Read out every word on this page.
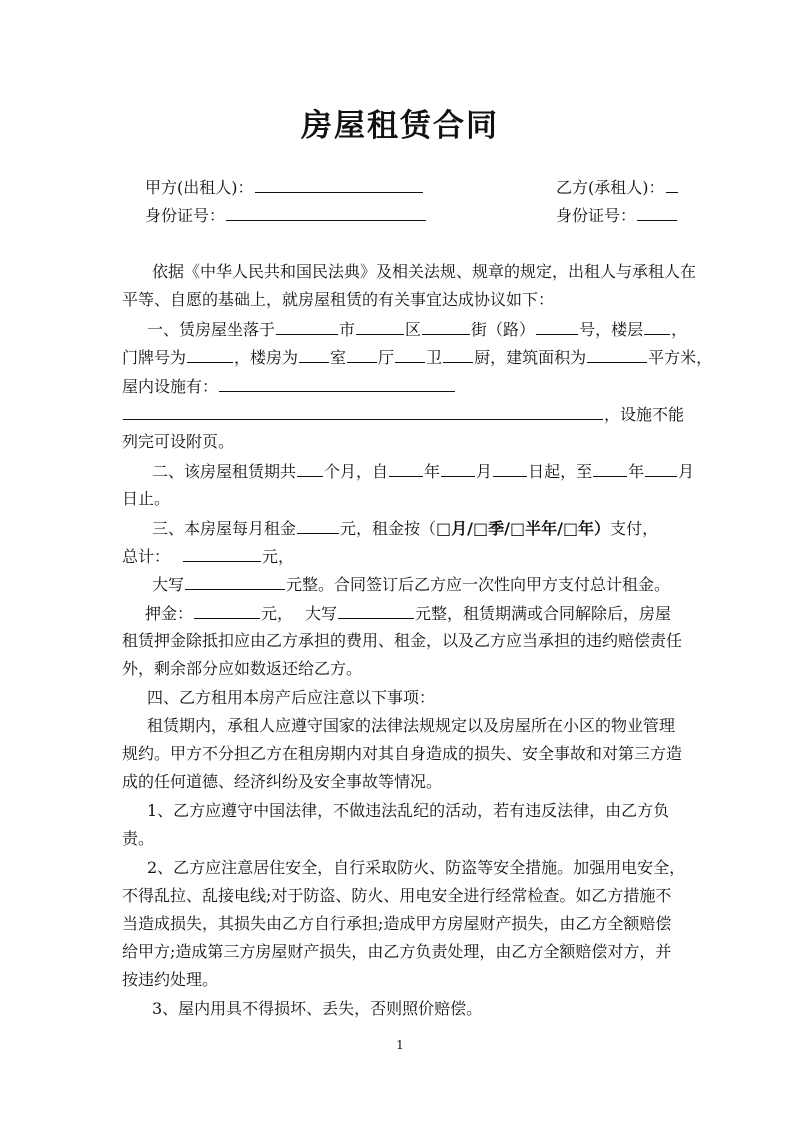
房屋租赁合同
甲方(出租人)：	乙方(承租人)：
身份证号：	身份证号：
依据《中华人民共和国民法典》及相关法规、规章的规定，出租人与承租人在
平等、自愿的基础上，就房屋租赁的有关事宜达成协议如下：
一、赁房屋坐落于	市	区	街（路）	号，楼层 ，
门牌号为	，楼房为 室 厅 卫 厨，建筑面积为	平方米，
屋内设施有：
，设施不能
列完可设附页。
二、该房屋租赁期共 个月，自 年 月 日起，至 年 月
日止。
三、本房屋每月租金	元，租金按（□月/□季/□半年/□年）支付，
总计：	元，
大写	元整。合同签订后乙方应一次性向甲方支付总计租金。
押金：	元， 大写	元整，租赁期满或合同解除后，房屋
租赁押金除抵扣应由乙方承担的费用、租金，以及乙方应当承担的违约赔偿责任
外，剩余部分应如数返还给乙方。
四、乙方租用本房产后应注意以下事项：
租赁期内，承租人应遵守国家的法律法规规定以及房屋所在小区的物业管理
规约。甲方不分担乙方在租房期内对其自身造成的损失、安全事故和对第三方造
成的任何道德、经济纠纷及安全事故等情况。
1、乙方应遵守中国法律，不做违法乱纪的活动，若有违反法律，由乙方负
责。
2、乙方应注意居住安全，自行采取防火、防盗等安全措施。加强用电安全，
不得乱拉、乱接电线;对于防盗、防火、用电安全进行经常检查。如乙方措施不
当造成损失，其损失由乙方自行承担;造成甲方房屋财产损失，由乙方全额赔偿
给甲方;造成第三方房屋财产损失，由乙方负责处理，由乙方全额赔偿对方，并
按违约处理。
3、屋内用具不得损坏、丢失，否则照价赔偿。
1
